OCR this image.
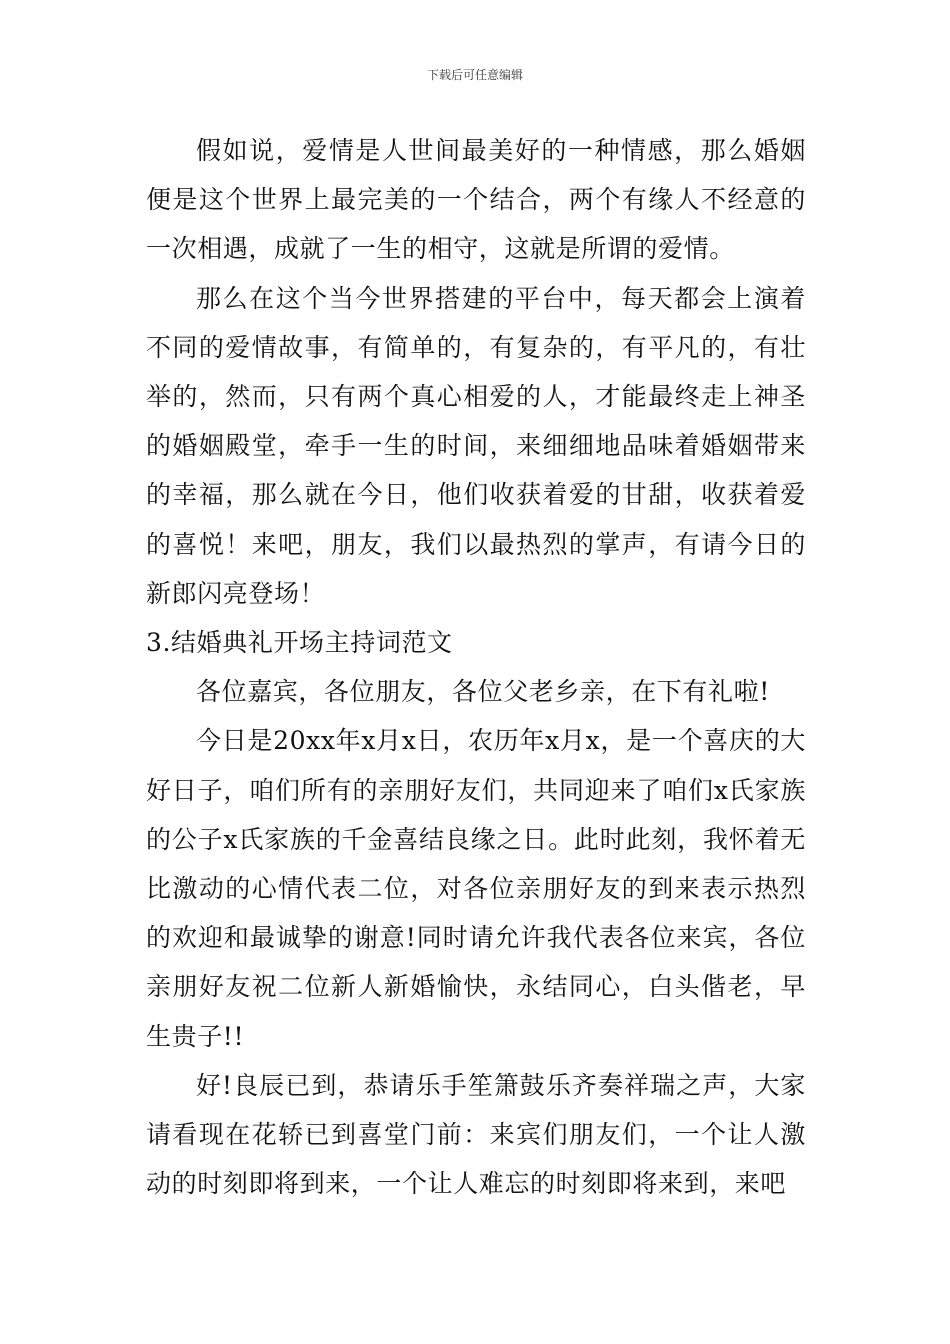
下载后可任意编辑

假如说，爱情是人世间最美好的一种情感，那么婚姻便是这个世界上最完美的一个结合，两个有缘人不经意的一次相遇，成就了一生的相守，这就是所谓的爱情。

那么在这个当今世界搭建的平台中，每天都会上演着不同的爱情故事，有简单的，有复杂的，有平凡的，有壮举的，然而，只有两个真心相爱的人，才能最终走上神圣的婚姻殿堂，牵手一生的时间，来细细地品味着婚姻带来的幸福，那么就在今日，他们收获着爱的甘甜，收获着爱的喜悦！来吧，朋友，我们以最热烈的掌声，有请今日的新郎闪亮登场！

3.结婚典礼开场主持词范文

各位嘉宾，各位朋友，各位父老乡亲，在下有礼啦!

今日是20xx年x月x日，农历年x月x，是一个喜庆的大好日子，咱们所有的亲朋好友们，共同迎来了咱们x氏家族的公子x氏家族的千金喜结良缘之日。此时此刻，我怀着无比激动的心情代表二位，对各位亲朋好友的到来表示热烈的欢迎和最诚挚的谢意!同时请允许我代表各位来宾，各位亲朋好友祝二位新人新婚愉快，永结同心，白头偕老，早生贵子!!

好!良辰已到，恭请乐手笙箫鼓乐齐奏祥瑞之声，大家请看现在花轿已到喜堂门前：来宾们朋友们，一个让人激动的时刻即将到来，一个让人难忘的时刻即将来到，来吧
